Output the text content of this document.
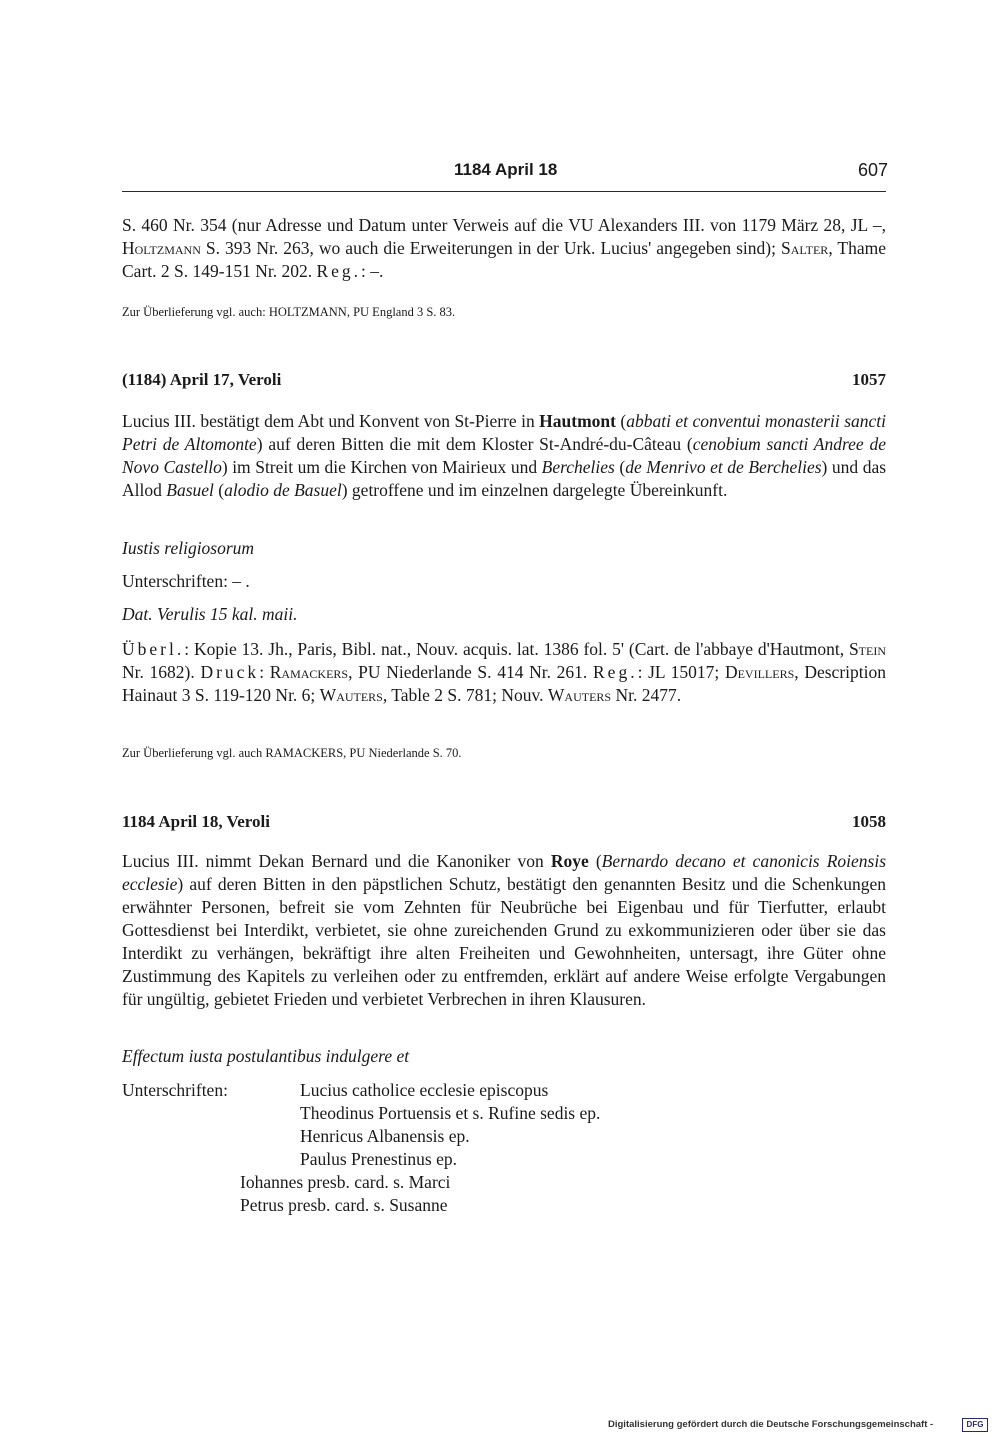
1184 April 18	607
S. 460 Nr. 354 (nur Adresse und Datum unter Verweis auf die VU Alexanders III. von 1179 März 28, JL –, Holtzmann S. 393 Nr. 263, wo auch die Erweiterungen in der Urk. Lucius' angegeben sind); Salter, Thame Cart. 2 S. 149-151 Nr. 202. Reg.: –.
Zur Überlieferung vgl. auch: HOLTZMANN, PU England 3 S. 83.
(1184) April 17, Veroli	1057
Lucius III. bestätigt dem Abt und Konvent von St-Pierre in Hautmont (abbati et conventui monasterii sancti Petri de Altomonte) auf deren Bitten die mit dem Kloster St-André-du-Câteau (cenobium sancti Andree de Novo Castello) im Streit um die Kirchen von Mairieux und Berchelies (de Menrivo et de Berchelies) und das Allod Basuel (alodio de Basuel) getroffene und im einzelnen dargelegte Übereinkunft.
Iustis religiosorum
Unterschriften: – .
Dat. Verulis 15 kal. maii.
Überl.: Kopie 13. Jh., Paris, Bibl. nat., Nouv. acquis. lat. 1386 fol. 5' (Cart. de l'abbaye d'Hautmont, Stein Nr. 1682). Druck: Ramackers, PU Niederlande S. 414 Nr. 261. Reg.: JL 15017; Devillers, Description Hainaut 3 S. 119-120 Nr. 6; Wauters, Table 2 S. 781; Nouv. Wauters Nr. 2477.
Zur Überlieferung vgl. auch RAMACKERS, PU Niederlande S. 70.
1184 April 18, Veroli	1058
Lucius III. nimmt Dekan Bernard und die Kanoniker von Roye (Bernardo decano et canonicis Roiensis ecclesie) auf deren Bitten in den päpstlichen Schutz, bestätigt den genannten Besitz und die Schenkungen erwähnter Personen, befreit sie vom Zehnten für Neubrüche bei Eigenbau und für Tierfutter, erlaubt Gottesdienst bei Interdikt, verbietet, sie ohne zureichenden Grund zu exkommunizieren oder über sie das Interdikt zu verhängen, bekräftigt ihre alten Freiheiten und Gewohnheiten, untersagt, ihre Güter ohne Zustimmung des Kapitels zu verleihen oder zu entfremden, erklärt auf andere Weise erfolgte Vergabungen für ungültig, gebietet Frieden und verbietet Verbrechen in ihren Klausuren.
Effectum iusta postulantibus indulgere et
Unterschriften:	Lucius catholice ecclesie episcopus
Theodinus Portuensis et s. Rufine sedis ep.
Henricus Albanensis ep.
Paulus Prenestinus ep.
Iohannes presb. card. s. Marci
Petrus presb. card. s. Susanne
Digitalisierung gefördert durch die Deutsche Forschungsgemeinschaft -	DFG
